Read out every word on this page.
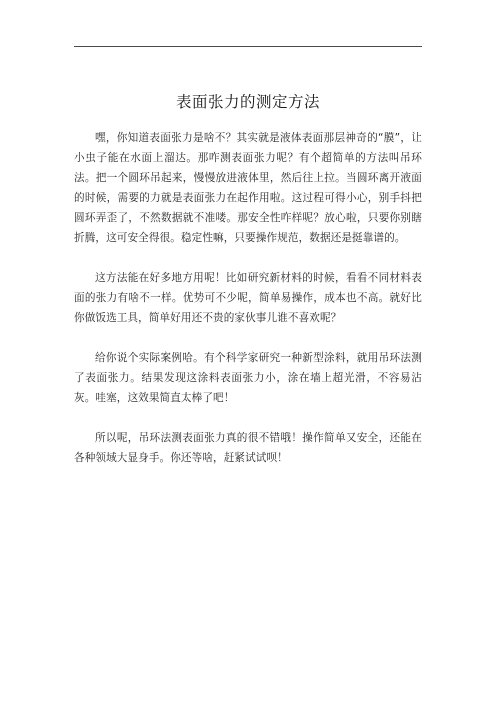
表面张力的测定方法

嘿，你知道表面张力是啥不？其实就是液体表面那层神奇的“膜”，让小虫子能在水面上溜达。那咋测表面张力呢？有个超简单的方法叫吊环法。把一个圆环吊起来，慢慢放进液体里，然后往上拉。当圆环离开液面的时候，需要的力就是表面张力在起作用啦。这过程可得小心，别手抖把圆环弄歪了，不然数据就不准喽。那安全性咋样呢？放心啦，只要你别瞎折腾，这可安全得很。稳定性嘛，只要操作规范，数据还是挺靠谱的。

这方法能在好多地方用呢！比如研究新材料的时候，看看不同材料表面的张力有啥不一样。优势可不少呢，简单易操作，成本也不高。就好比你做饭选工具，简单好用还不贵的家伙事儿谁不喜欢呢？

给你说个实际案例哈。有个科学家研究一种新型涂料，就用吊环法测了表面张力。结果发现这涂料表面张力小，涂在墙上超光滑，不容易沾灰。哇塞，这效果简直太棒了吧！

所以呢，吊环法测表面张力真的很不错哦！操作简单又安全，还能在各种领域大显身手。你还等啥，赶紧试试呗！
